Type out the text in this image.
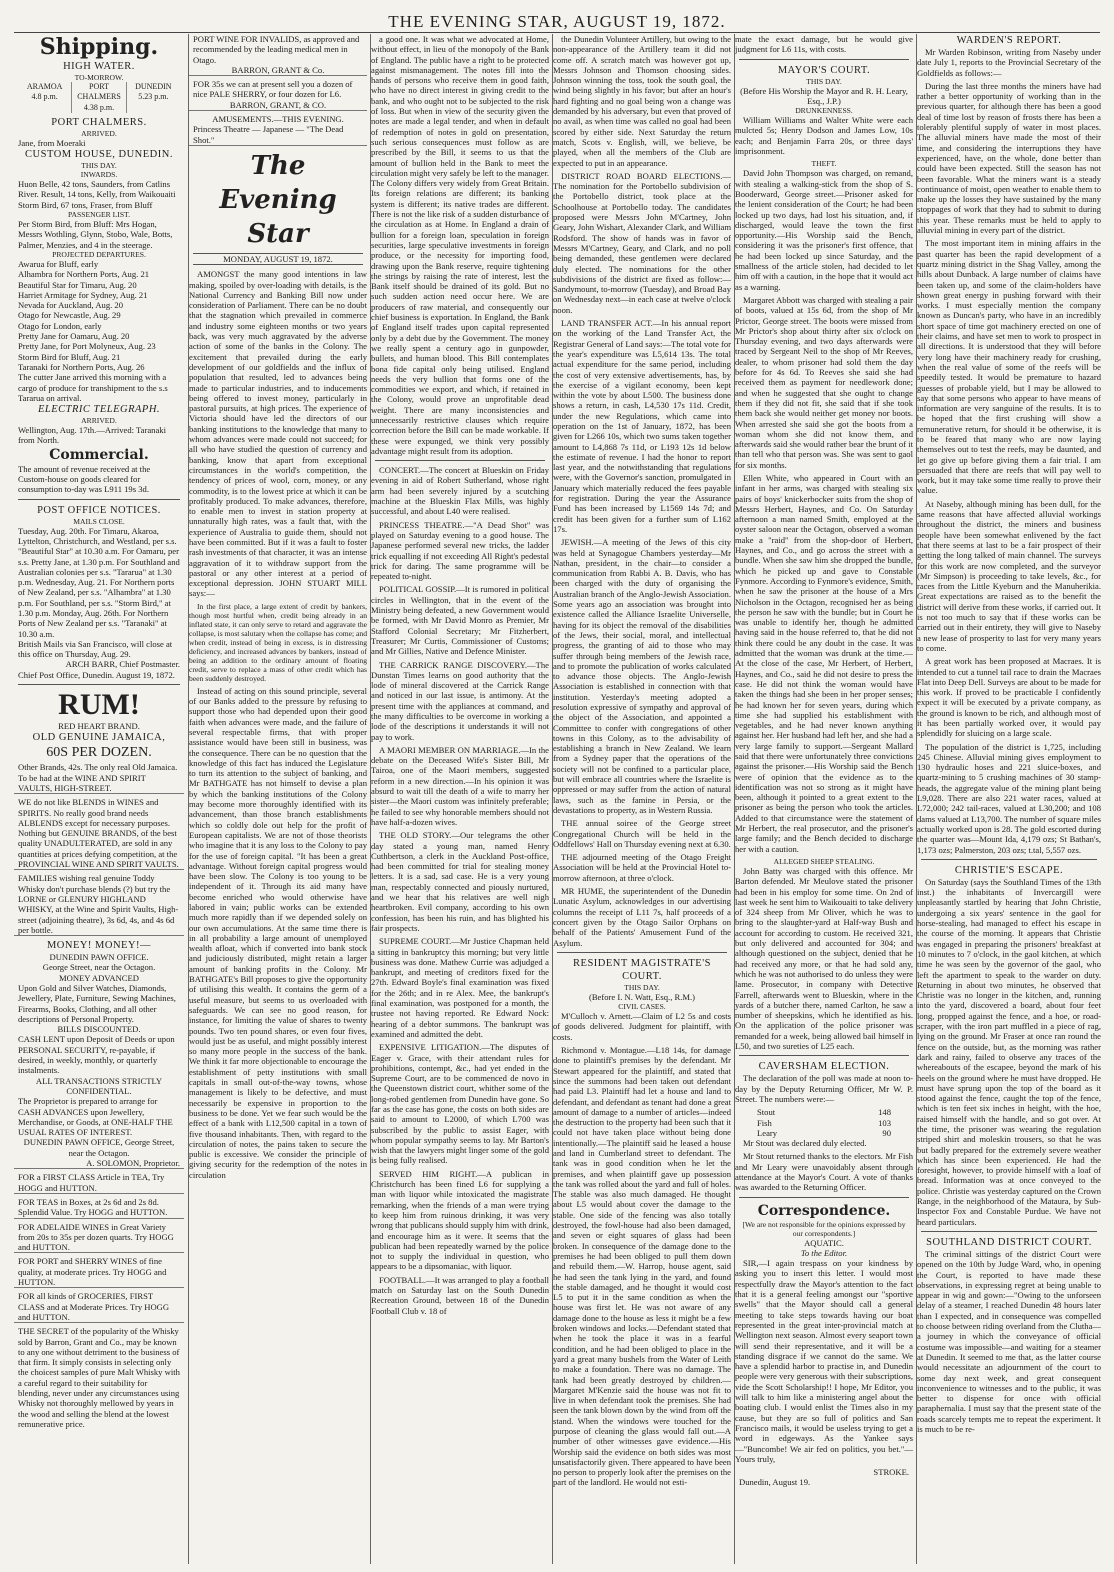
THE EVENING STAR, AUGUST 19, 1872.
Shipping.
HIGH WATER.
TO-MORROW.
ARAMOA
4.8 p.m.
PORT CHALMERS
4.38 p.m.
DUNEDIN
5.23 p.m.
PORT CHALMERS.
ARRIVED.
Jane, from Moeraki
CUSTOM HOUSE, DUNEDIN.
THIS DAY.
INWARDS.
Huon Belle, 42 tons, Saunders, from Catlins River. Result, 14 tons, Kelly, from Waikouaiti Storm Bird, 67 tons, Fraser, from Bluff
PASSENGER LIST.
Per Storm Bird, from Bluff: Mrs Hogan, Messrs Wothling, Glynn, Stobo, Wale, Botts, Palmer, Menzies, and 4 in the steerage.
PROJECTED DEPARTURES.
Awarua for Bluff, early
Alhambra for Northern Ports, Aug. 21
Beautiful Star for Timaru, Aug. 20
Harriet Armitage for Sydney, Aug. 21
Nevada for Auckland, Aug. 20
Otago for Newcastle, Aug. 29
Otago for London, early
Pretty Jane for Oamaru, Aug. 20
Pretty Jane, for Port Molyneux, Aug. 23
Storm Bird for Bluff, Aug. 21
Taranaki for Northern Ports, Aug. 26
The cutter Jane arrived this morning with a cargo of produce for transhipment to the s.s Tararua on arrival.
ELECTRIC TELEGRAPH.
ARRIVED.
Wellington, Aug. 17th.—Arrived: Taranaki from North.
Commercial.
The amount of revenue received at the Custom-house on goods cleared for consumption to-day was L911 19s 3d.
POST OFFICE NOTICES.
MAILS CLOSE.
Tuesday, Aug. 20th. For Timaru, Akaroa, Lyttelton, Christchurch, and Westland, per s.s. "Beautiful Star" at 10.30 a.m. For Oamaru, per s.s. Pretty Jane, at 1.30 p.m. For Southland and Australian colonies per s.s. "Tararua" at 1.30 p.m. Wednesday, Aug. 21. For Northern ports of New Zealand, per s.s. "Alhambra" at 1.30 p.m. For Southland, per s.s. "Storm Bird," at 1.30 p.m. Monday, Aug. 26th. For Northern Ports of New Zealand per s.s. "Taranaki" at 10.30 a.m.
British Mails via San Francisco, will close at this office on Thursday, Aug. 29.
ARCH BARR, Chief Postmaster.
Chief Post Office, Dunedin. August 19, 1872.
RUM!
RED HEART BRAND.
OLD GENUINE JAMAICA,
60S PER DOZEN.
Other Brands, 42s. The only real Old Jamaica. To be had at the WINE AND SPIRIT VAULTS, HIGH-STREET.
WE do not like BLENDS in WINES and SPIRITS. No really good brand needs ALBLENDS except for necessary purposes. Nothing but GENUINE BRANDS, of the best quality UNADULTERATED, are sold in any quantities at prices defying competition, at the PROVINCIAL WINE AND SPIRIT VAULTS.
FAMILIES wishing real genuine Toddy Whisky don't purchase blends (?) but try the LORNE or GLENURY HIGHLAND WHISKY, at the Wine and Spirit Vaults, High-street (adjoining theatre), 3s 6d, 4s, and 4s 6d per bottle.
MONEY! MONEY!—
DUNEDIN PAWN OFFICE.
George Street, near the Octagon.
MONEY ADVANCED
Upon Gold and Silver Watches, Diamonds, Jewellery, Plate, Furniture, Sewing Machines, Firearms, Books, Clothing, and all other descriptions of Personal Property.
BILLS DISCOUNTED.
CASH LENT upon Deposit of Deeds or upon PERSONAL SECURITY, re-payable, if desired, in weekly, monthly, or quarterly instalments.
ALL TRANSACTIONS STRICTLY CONFIDENTIAL.
The Proprietor is prepared to arrange for CASH ADVANCES upon Jewellery, Merchandise, or Goods, at ONE-HALF THE USUAL RATES OF INTEREST.
DUNEDIN PAWN OFFICE, George Street, near the Octagon.
A. SOLOMON, Proprietor.
FOR a FIRST CLASS Article in TEA, Try HOGG and HUTTON.
FOR TEAS in Boxes, at 2s 6d and 2s 8d. Splendid Value. Try HOGG and HUTTON.
FOR ADELAIDE WINES in Great Variety from 20s to 35s per dozen quarts. Try HOGG and HUTTON.
FOR PORT and SHERRY WINES of fine quality, at moderate prices. Try HOGG and HUTTON.
FOR all kinds of GROCERIES, FIRST CLASS and at Moderate Prices. Try HOGG and HUTTON.
THE SECRET of the popularity of the Whisky sold by Barron, Grant and Co., may be known to any one without detriment to the business of that firm. It simply consists in selecting only the choicest samples of pure Malt Whisky with a careful regard to their suitability for blending, never under any circumstances using Whisky not thoroughly mellowed by years in the wood and selling the blend at the lowest remunerative price.
PORT WINE FOR INVALIDS, as approved and recommended by the leading medical men in Otago.
BARRON, GRANT & Co.
FOR 35s we can at present sell you a dozen of nice PALE SHERRY, or four dozen for L6.
BARRON, GRANT, & CO.
AMUSEMENTS.—THIS EVENING.
Princess Theatre — Japanese — "The Dead Shot."
The Evening Star
MONDAY, AUGUST 19, 1872.

AMONGST the many good intentions in law making, spoiled by over-loading with details, is the National Currency and Banking Bill now under consideration of Parliament. There can be no doubt that the stagnation which prevailed in commerce and industry some eighteen months or two years back, was very much aggravated by the adverse action of some of the banks in the Colony. The excitement that prevailed during the early development of our goldfields and the influx of population that resulted, led to advances being made to particular industries, and to inducements being offered to invest money, particularly in pastoral pursuits, at high prices. The experience of Victoria should have led the directors of our banking institutions to the knowledge that many to whom advances were made could not succeed; for all who have studied the question of currency and banking, know that apart from exceptional circumstances in the world's competition, the tendency of prices of wool, corn, money, or any commodity, is to the lowest price at which it can be profitably produced. To make advances, therefore, to enable men to invest in station property at unnaturally high rates, was a fault that, with the experience of Australia to guide them, should not have been committed. But if it was a fault to foster rash investments of that character, it was an intense aggravation of it to withdraw support from the pastoral or any other interest at a period of exceptional depression. JOHN STUART MILL says:—

In the first place, a large extent of credit by bankers, though most hurtful when, credit being already in an inflated state, it can only serve to retard and aggravate the collapse, is most salutary when the collapse has come; and when credit, instead of being in excess, is in distressing deficiency, and increased advances by bankers, instead of being an addition to the ordinary amount of floating credit, serve to replace a mass of other credit which has been suddenly destroyed.

Instead of acting on this sound principle, several of our Banks added to the pressure by refusing to support those who had depended upon their good faith when advances were made, and the failure of several respectable firms, that with proper assistance would have been still in business, was the consequence. There can be no question that the knowledge of this fact has induced the Legislature to turn its attention to the subject of banking, and Mr BATHGATE has not himself to devise a plan by which the banking institutions of the Colony may become more thoroughly identified with its advancement, than those branch establishments which so coldly dole out help for the profit of European capitalists. We are not of those theorists who imagine that it is any loss to the Colony to pay for the use of foreign capital. "It has been a great advantage. Without foreign capital progress would have been slow. The Colony is too young to be independent of it. Through its aid many have become enriched who would otherwise have labored in vain; public works can be extended much more rapidly than if we depended solely on our own accumulations. At the same time there is in all probability a large amount of unemployed wealth afloat, which if converted into bank stock and judiciously distributed, might retain a larger amount of banking profits in the Colony. Mr BATHGATE's Bill proposes to give the opportunity of utilising this wealth. It contains the germ of a useful measure, but seems to us overloaded with safeguards. We can see no good reason, for instance, for limiting the value of shares to twenty pounds. Two ten pound shares, or even four fives, would just be as useful, and might possibly interest so many more people in the success of the bank. We think it far more objectionable to encourage the establishment of petty institutions with small capitals in small out-of-the-way towns, whose management is likely to be defective, and must necessarily be expensive in proportion to the business to be done. Yet we fear such would be the effect of a bank with L12,500 capital in a town of five thousand inhabitants. Then, with regard to the circulation of notes, the pains taken to secure the public is excessive. We consider the principle of giving security for the redemption of the notes in circulation

a good one. It was what we advocated at Home, without effect, in lieu of the monopoly of the Bank of England. The public have a right to be protected against mismanagement. The notes fill into the hands of persons who receive them in good faith, who have no direct interest in giving credit to the bank, and who ought not to be subjected to the risk of loss. But when in view of the security given the notes are made a legal tender, and when in default of redemption of notes in gold on presentation, such serious consequences must follow as are prescribed by the Bill, it seems to us that the amount of bullion held in the Bank to meet the circulation might very safely be left to the manager. The Colony differs very widely from Great Britain. Its foreign relations are different; its banking system is different; its native trades are different. There is not the like risk of a sudden disturbance of the circulation as at Home. In England a drain of bullion for a foreign loan, speculation in foreign securities, large speculative investments in foreign produce, or the necessity for importing food, drawing upon the Bank reserve, require tightening the strings by raising the rate of interest, lest the Bank itself should be drained of its gold. But no such sudden action need occur here. We are producers of raw material, and consequently our chief business is exportation. In England, the Bank of England itself trades upon capital represented only by a debt due by the Government. The money we really spent a century ago in gunpowder, bullets, and human blood. This Bill contemplates bona fide capital only being utilised. England needs the very bullion that forms one of the commodities we export, and which, if retained in the Colony, would prove an unprofitable dead weight. There are many inconsistencies and unnecessarily restrictive clauses which require correction before the Bill can be made workable. If these were expunged, we think very possibly advantage might result from its adoption.

CONCERT.—The concert at Blueskin on Friday evening in aid of Robert Sutherland, whose right arm had been severely injured by a scutching machine at the Blueskin Flax Mills, was highly successful, and about L40 were realised.

PRINCESS THEATRE.—"A Dead Shot" was played on Saturday evening to a good house. The Japanese performed several new tricks, the ladder trick equalling if not exceeding All Right's pedestal trick for daring. The same programme will be repeated to-night.

POLITICAL GOSSIP.—It is rumored in political circles in Wellington, that in the event of the Ministry being defeated, a new Government would be formed, with Mr David Monro as Premier, Mr Stafford Colonial Secretary; Mr Fitzherbert, Treasurer; Mr Curtis, Commissioner of Customs; and Mr Gillies, Native and Defence Minister.

THE CARRICK RANGE DISCOVERY.—The Dunstan Times learns on good authority that the lode of mineral discovered at the Carrick Range and noticed in our last issue, is antimony. At the present time with the appliances at command, and the many difficulties to be overcome in working a lode of the descriptions it understands it will not pay to work.

A MAORI MEMBER ON MARRIAGE.—In the debate on the Deceased Wife's Sister Bill, Mr Tairoa, one of the Maori members, suggested reform in a new direction.—In his opinion it was absurd to wait till the death of a wife to marry her sister—the Maori custom was infinitely preferable; he failed to see why honorable members should not have half-a-dozen wives.

THE OLD STORY.—Our telegrams the other day stated a young man, named Henry Cuthbertson, a clerk in the Auckland Post-office, had been committed for trial for stealing money letters. It is a sad, sad case. He is a very young man, respectably connected and piously nurtured, and we hear that his relatives are well nigh heartbroken. Evil company, according to his own confession, has been his ruin, and has blighted his fair prospects.

SUPREME COURT.—Mr Justice Chapman held a sitting in bankruptcy this morning; but very little business was done. Mathew Currie was adjudged a bankrupt, and meeting of creditors fixed for the 27th. Edward Boyle's final examination was fixed for the 26th; and in re Alex. Mee, the bankrupt's final examination, was postponed for a month, the trustee not having reported. Re Edward Nock: hearing of a debtor summons. The bankrupt was examined and admitted the debt.

EXPENSIVE LITIGATION.—The disputes of Eager v. Grace, with their attendant rules for prohibitions, contempt, &c., had yet ended in the Supreme Court, are to be commenced de novo in the Queenstown district court, whither some of the long-robed gentlemen from Dunedin have gone. So far as the case has gone, the costs on both sides are said to amount to L2000, of which L700 was subscribed by the public to assist Eager, with whom popular sympathy seems to lay. Mr Barton's wish that the lawyers might linger some of the gold is being fully realised.

SERVED HIM RIGHT.—A publican in Christchurch has been fined L6 for supplying a man with liquor while intoxicated the magistrate remarking, when the friends of a man were trying to keep him from ruinous drinking, it was very wrong that publicans should supply him with drink, and encourage him as it were. It seems that the publican had been repeatedly warned by the police not to supply the individual in question, who appears to be a dipsomaniac, with liquor.

FOOTBALL.—It was arranged to play a football match on Saturday last on the South Dunedin Recreation Ground, between 18 of the Dunedin Football Club v. 18 of

the Dunedin Volunteer Artillery, but owing to the non-appearance of the Artillery team it did not come off. A scratch match was however got up, Messrs Johnson and Thomson choosing sides. Johnson winning the toss, took the south goal, the wind being slightly in his favor; but after an hour's hard fighting and no goal being won a change was demanded by his adversary, but even that proved of no avail, as when time was called no goal had been scored by either side. Next Saturday the return match, Scots v. English, will, we believe, be played, when all the members of the Club are expected to put in an appearance.

DISTRICT ROAD BOARD ELECTIONS.—The nomination for the Portobello subdivision of the Portobello district, took place at the Schoolhouse at Portobello today. The candidates proposed were Messrs John M'Cartney, John Geary, John Wishart, Alexander Clark, and William Rodsford. The show of hands was in favor of Messrs M'Cartney, Geary, and Clark, and no poll being demanded, these gentlemen were declared duly elected. The nominations for the other subdivisions of the district are fixed as follow:—Sandymount, to-morrow (Tuesday), and Broad Bay on Wednesday next—in each case at twelve o'clock noon.

LAND TRANSFER ACT.—In his annual report on the working of the Land Transfer Act, the Registrar General of Land says:—The total vote for the year's expenditure was L5,614 13s. The total actual expenditure for the same period, including the cost of very extensive advertisements, has, by the exercise of a vigilant economy, been kept within the vote by about L500. The business done shows a return, in cash, L4,530 17s 11d. Credit, under the new Regulations, which came into operation on the 1st of January, 1872, has been given for L266 10s, which two sums taken together amount to L4,868 7s 11d, or L193 12s 1d below the estimate of revenue. I had the honor to report last year, and the notwithstanding that regulations were, with the Governor's sanction, promulgated in January which materially reduced the fees payable for registration. During the year the Assurance Fund has been increased by L1569 14s 7d; and credit has been given for a further sum of L162 17s.

JEWISH.—A meeting of the Jews of this city was held at Synagogue Chambers yesterday—Mr Nathan, president, in the chair—to consider a communication from Rabbi A. B. Davis, who has been charged with the duty of organising the Australian branch of the Anglo-Jewish Association. Some years ago an association was brought into existence called the Alliance Israelite Universelle, having for its object the removal of the disabilities of the Jews, their social, moral, and intellectual progress, the granting of aid to those who may suffer through being members of the Jewish race, and to promote the publication of works calculated to advance those objects. The Anglo-Jewish Association is established in connection with that institution. Yesterday's meeting adopted a resolution expressive of sympathy and approval of the object of the Association, and appointed a Committee to confer with congregations of other towns in this Colony, as to the advisability of establishing a branch in New Zealand. We learn from a Sydney paper that the operations of the society will not be confined to a particular place, but will embrace all countries where the Israelite is oppressed or may suffer from the action of natural laws, such as the famine in Persia, or the devastations to property, as in Western Russia.

THE annual soiree of the George street Congregational Church will be held in the Oddfellows' Hall on Thursday evening next at 6.30.

THE adjourned meeting of the Otago Freight Association will be held at the Provincial Hotel to-morrow afternoon, at three o'clock.

MR HUME, the superintendent of the Dunedin Lunatic Asylum, acknowledges in our advertising columns the receipt of L11 7s, half proceeds of a concert given by the Otago Sailor Orphans on behalf of the Patients' Amusement Fund of the Asylum.

RESIDENT MAGISTRATE'S COURT.
THIS DAY.
(Before I. N. Watt, Esq., R.M.)
CIVIL CASES.

M'Culloch v. Arnett.—Claim of L2 5s and costs of goods delivered. Judgment for plaintiff, with costs.

Richmond v. Montague.—L18 14s, for damage done to plaintiff's premises by the defendant. Mr Stewart appeared for the plaintiff, and stated that since the summons had been taken out defendant had paid L3. Plaintiff had let a house and land to defendant, and defendant as tenant had done a great amount of damage to a number of articles—indeed the destruction to the property had been such that it could not have taken place without being done intentionally.—The plaintiff said he leased a house and land in Cumberland street to defendant. The tank was in good condition when he let the premises, and when plaintiff gave up possession the tank was rolled about the yard and full of holes. The stable was also much damaged. He thought about L5 would about cover the damage to the stable. One side of the fencing was also totally destroyed, the fowl-house had also been damaged, and seven or eight squares of glass had been broken. In consequence of the damage done to the premises he had been obliged to pull them down and rebuild them.—W. Harrop, house agent, said he had seen the tank lying in the yard, and found the stable damaged, and he thought it would cost L5 to put it in the same condition as when the house was first let. He was not aware of any damage done to the house as less it might be a few broken windows and locks.—Defendant stated that when he took the place it was in a fearful condition, and he had been obliged to place in the yard a great many bushels from the Water of Leith to make a foundation. There was no damage. The tank had been greatly destroyed by children.—Margaret M'Kenzie said the house was not fit to live in when defendant took the premises. She had seen the tank blown down by the wind from off the stand. When the windows were touched for the purpose of cleaning the glass would fall out.—A number of other witnesses gave evidence.—His Worship said the evidence on both sides was most unsatisfactorily given. There appeared to have been no person to properly look after the premises on the part of the landlord. He would not esti-

mate the exact damage, but he would give judgment for L6 11s, with costs.

MAYOR'S COURT.
THIS DAY.
(Before His Worship the Mayor and R. H. Leary, Esq., J.P.)
DRUNKENNESS.

William Williams and Walter White were each mulcted 5s; Henry Dodson and James Low, 10s each; and Benjamin Farra 20s, or three days' imprisonment.

THEFT.

David John Thompson was charged, on remand, with stealing a walking-stick from the shop of S. Booderward, George street.—Prisoner asked for the lenient consideration of the Court; he had been locked up two days, had lost his situation, and, if discharged, would leave the town the first opportunity.—His Worship said the Bench, considering it was the prisoner's first offence, that he had been locked up since Saturday, and the smallness of the article stolen, had decided to let him off with a caution, in the hope that it would act as a warning.

Margaret Abbott was charged with stealing a pair of boots, valued at 15s 6d, from the shop of Mr Prictor, George street. The boots were missed from Mr Prictor's shop about thirty after six o'clock on Thursday evening, and two days afterwards were traced by Sergeant Neil to the shop of Mr Reeves, dealer, to whom prisoner had sold them the day before for 4s 6d. To Reeves she said she had received them as payment for needlework done; and when he suggested that she ought to change them if they did not fit, she said that if she took them back she would neither get money nor boots. When arrested she said she got the boots from a woman whom she did not know them, and afterwards said she would rather bear the brunt of it than tell who that person was. She was sent to gaol for six months.

Ellen White, who appeared in Court with an infant in her arms, was charged with stealing six pairs of boys' knickerbocker suits from the shop of Messrs Herbert, Haynes, and Co. On Saturday afternoon a man named Smith, employed at the oyster saloon near the Octagon, observed a woman make a "raid" from the shop-door of Herbert, Haynes, and Co., and go across the street with a bundle. When she saw him she dropped the bundle, which he picked up and gave to Constable Fynmore. According to Fynmore's evidence, Smith, when he saw the prisoner at the house of a Mrs Nicholson in the Octagon, recognised her as being the person he saw with the bundle; but in Court he was unable to identify her, though he admitted having said in the house referred to, that he did not think there could be any doubt in the case. It was admitted that the woman was drunk at the time.—At the close of the case, Mr Herbert, of Herbert, Haynes, and Co., said he did not desire to press the case. He did not think the woman would have taken the things had she been in her proper senses; he had known her for seven years, during which time she had supplied his establishment with vegetables, and he had never known anything against her. Her husband had left her, and she had a very large family to support.—Sergeant Mallard said that there were unfortunately three convictions against the prisoner.—His Worship said the Bench were of opinion that the evidence as to the identification was not so strong as it might have been, although it pointed to a great extent to the prisoner as being the person who took the articles. Added to that circumstance were the statement of Mr Herbert, the real prosecutor, and the prisoner's large family; and the Bench decided to discharge her with a caution.

ALLEGED SHEEP STEALING.

John Batty was charged with this offence. Mr Barton defended. Mr Meulove stated the prisoner had been in his employ for some time. On 2nd of last week he sent him to Waikouaiti to take delivery of 324 sheep from Mr Oliver, which he was to bring to the slaughter-yard at Half-way Bush and account for according to custom. He received 321, but only delivered and accounted for 304; and although questioned on the subject, denied that he had received any more, or that he had sold any, which he was not authorised to do unless they were lame. Prosecutor, in company with Detective Farrell, afterwards went to Blueskin, where in the yards of a butcher there, named Carlton, he saw a number of sheepskins, which he identified as his. On the application of the police prisoner was remanded for a week, being allowed bail himself in L50, and two sureties of L25 each.

CAVERSHAM ELECTION.

The declaration of the poll was made at noon to-day by the Deputy Returning Officer, Mr W. P. Street. The numbers were:—

Stout	148
Fish	103
Leary	90

Mr Stout was declared duly elected.

Mr Stout returned thanks to the electors. Mr Fish and Mr Leary were unavoidably absent through attendance at the Mayor's Court. A vote of thanks was awarded to the Returning Officer.

Correspondence.
[We are not responsible for the opinions expressed by our correspondents.]
AQUATIC.
To the Editor.

SIR,—I again trespass on your kindness by asking you to insert this letter. I would most respectfully draw the Mayor's attention to the fact that it is a general feeling amongst our "sportive swells" that the Mayor should call a general meeting to take steps towards having our boat represented in the great inter-provincial match at Wellington next season. Almost every seaport town will send their representative, and it will be a standing disgrace if we cannot do the same. We have a splendid harbor to practise in, and Dunedin people were very generous with their subscriptions, vide the Scott Scholarship!! I hope, Mr Editor, you will talk to him like a ministering angel about the boating club. I would enlist the Times also in my cause, but they are so full of politics and San Francisco mails, it would be useless trying to get a word in edgeways. As the Yankee says—"Buncombe! We air fed on politics, you bet."—Yours truly,

STROKE.
Dunedin, August 19.
WARDEN'S REPORT.

Mr Warden Robinson, writing from Naseby under date July 1, reports to the Provincial Secretary of the Goldfields as follows:—

During the last three months the miners have had rather a better opportunity of working than in the previous quarter, for although there has been a good deal of time lost by reason of frosts there has been a tolerably plentiful supply of water in most places. The alluvial miners have made the most of their time, and considering the interruptions they have experienced, have, on the whole, done better than could have been expected. Still the season has not been favorable. What the miners want is a steady continuance of moist, open weather to enable them to make up the losses they have sustained by the many stoppages of work that they had to submit to during this year. These remarks must be held to apply to alluvial mining in every part of the district.

The most important item in mining affairs in the past quarter has been the rapid development of a quartz mining district in the Shag Valley, among the hills about Dunback. A large number of claims have been taken up, and some of the claim-holders have shown great energy in pushing forward with their works. I must especially mention the company known as Duncan's party, who have in an incredibly short space of time got machinery erected on one of their claims, and have set men to work to prospect in all directions. It is understood that they will before very long have their machinery ready for crushing, when the real value of some of the reefs will be speedily tested. It would be premature to hazard guesses of probable yield, but I may be allowed to say that some persons who appear to have means of information are very sanguine of the results. It is to be hoped that the first crushing will show a remunerative return, for should it be otherwise, it is to be feared that many who are now laying themselves out to test the reefs, may be daunted, and let go give up before giving them a fair trial. I am persuaded that there are reefs that will pay well to work, but it may take some time really to prove their value.

At Naseby, although mining has been dull, for the same reasons that have affected alluvial workings throughout the district, the miners and business people have been somewhat enlivened by the fact that there seems at last to be a fair prospect of their getting the long talked of main channel. The surveys for this work are now completed, and the surveyor (Mr Simpson) is proceeding to take levels, &c., for races from the Little Kyeburn and the Manuherikia. Great expectations are raised as to the benefit the district will derive from these works, if carried out. It is not too much to say that if these works can be carried out in their entirety, they will give to Naseby a new lease of prosperity to last for very many years to come.

A great work has been proposed at Macraes. It is intended to cut a tunnel tail race to drain the Macraes Flat into Deep Dell. Surveys are about to be made for this work. If proved to be practicable I confidently expect it will be executed by a private company, as the ground is known to be rich, and although most of it has been partially worked over, it would pay splendidly for sluicing on a large scale.

The population of the district is 1,725, including 245 Chinese. Alluvial mining gives employment to 130 hydraulic hoses and 221 sluice-boxes, and quartz-mining to 5 crushing machines of 30 stamp-heads, the aggregate value of the mining plant being L9,028. There are also 221 water races, valued at L72,000; 242 tail-races, valued at L30,200; and 108 dams valued at L13,700. The number of square miles actually worked upon is 28. The gold escorted during the quarter was—Mount Ida, 4,179 ozs; St Bathan's, 1,173 ozs; Palmerston, 203 ozs; t.tal, 5,557 ozs.

CHRISTIE'S ESCAPE.

On Saturday (says the Southland Times of the 13th inst.) the inhabitants of Invercargill were unpleasantly startled by hearing that John Christie, undergoing a six years' sentence in the gaol for horse-stealing, had managed to effect his escape in the course of the morning. It appears that Christie was engaged in preparing the prisoners' breakfast at 10 minutes to 7 o'clock, in the gaol kitchen, at which time he was seen by the governor of the gaol, who left the apartment to speak to the warder on duty. Returning in about two minutes, he observed that Christie was no longer in the kitchen, and, running into the yard, discovered a board, about four feet long, propped against the fence, and a hoe, or road-scraper, with the iron part muffled in a piece of rag, lying on the ground. Mr Fraser at once ran round the fence on the outside, but, as the morning was rather dark and rainy, failed to observe any traces of the whereabouts of the escapee, beyond the mark of his heels on the ground where he must have dropped. He must have sprung upon the top of the board as it stood against the fence, caught the top of the fence, which is ten feet six inches in height, with the hoe, raised himself with the handle, and so got over. At the time, the prisoner was wearing the regulation striped shirt and moleskin trousers, so that he was but badly prepared for the extremely severe weather which has since been experienced. He had the foresight, however, to provide himself with a loaf of bread. Information was at once conveyed to the police. Christie was yesterday captured on the Crown Range, in the neighborhood of the Mataura, by Sub-Inspector Fox and Constable Purdue. We have not heard particulars.

SOUTHLAND DISTRICT COURT.

The criminal sittings of the district Court were opened on the 10th by Judge Ward, who, in opening the Court, is reported to have made these observations, in expressing regret at being unable to appear in wig and gown:—"Owing to the unforseen delay of a steamer, I reached Dunedin 48 hours later than I expected, and in consequence was compelled to choose between riding overland from the Clutha—a journey in which the conveyance of official costume was impossible—and waiting for a steamer at Dunedin. It seemed to me that, as the latter course would necessitate an adjournment of the court to some day next week, and great consequent inconvenience to witnesses and to the public, it was better to dispense for once with official paraphernalia. I must say that the present state of the roads scarcely tempts me to repeat the experiment. It is much to be re-
